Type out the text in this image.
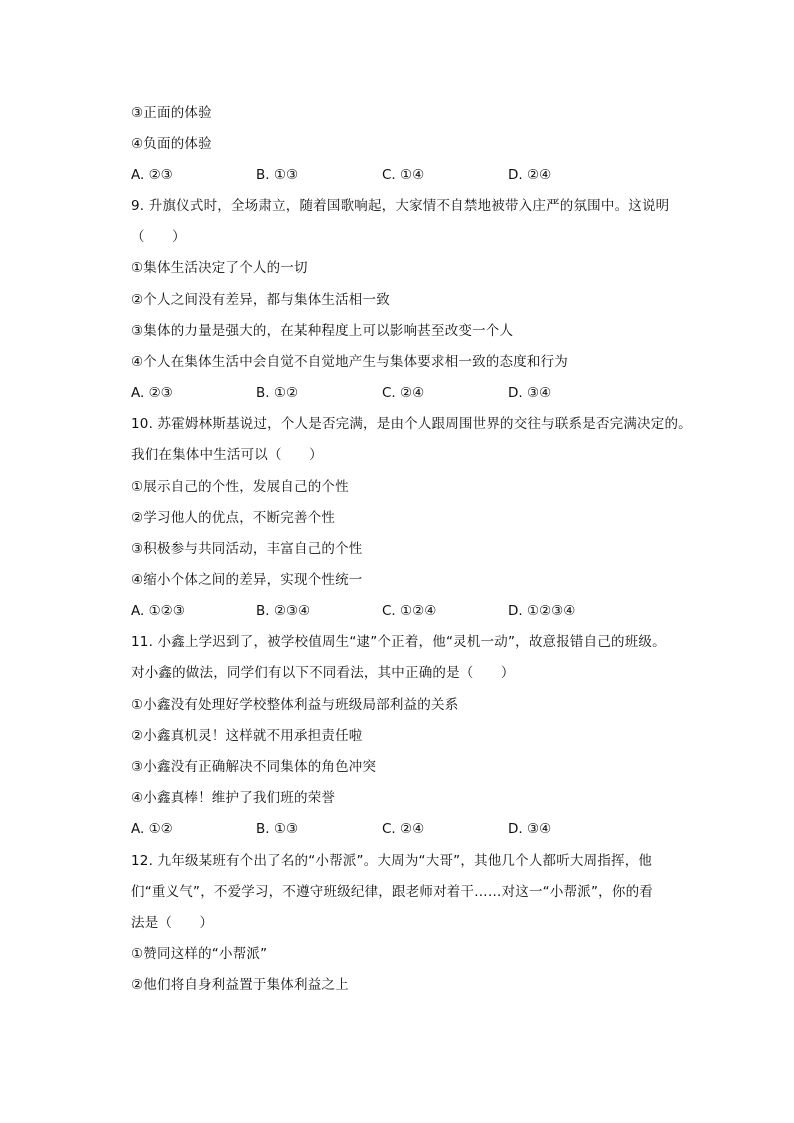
③正面的体验
④负面的体验
A. ②③	B. ①③	C. ①④	D. ②④
9. 升旗仪式时，全场肃立，随着国歌响起，大家情不自禁地被带入庄严的氛围中。这说明
（　　）
①集体生活决定了个人的一切
②个人之间没有差异，都与集体生活相一致
③集体的力量是强大的，在某种程度上可以影响甚至改变一个人
④个人在集体生活中会自觉不自觉地产生与集体要求相一致的态度和行为
A. ②③	B. ①②	C. ②④	D. ③④
10. 苏霍姆林斯基说过，个人是否完满，是由个人跟周围世界的交往与联系是否完满决定的。
我们在集体中生活可以（　　）
①展示自己的个性，发展自己的个性
②学习他人的优点，不断完善个性
③积极参与共同活动，丰富自己的个性
④缩小个体之间的差异，实现个性统一
A. ①②③	B. ②③④	C. ①②④	D. ①②③④
11. 小鑫上学迟到了，被学校值周生“逮”个正着，他“灵机一动”，故意报错自己的班级。
对小鑫的做法，同学们有以下不同看法，其中正确的是（　　）
①小鑫没有处理好学校整体利益与班级局部利益的关系
②小鑫真机灵！这样就不用承担责任啦
③小鑫没有正确解决不同集体的角色冲突
④小鑫真棒！维护了我们班的荣誉
A. ①②	B. ①③	C. ②④	D. ③④
12. 九年级某班有个出了名的“小帮派”。大周为“大哥”，其他几个人都听大周指挥，他
们“重义气”，不爱学习，不遵守班级纪律，跟老师对着干……对这一“小帮派”，你的看
法是（　　）
①赞同这样的“小帮派”
②他们将自身利益置于集体利益之上
